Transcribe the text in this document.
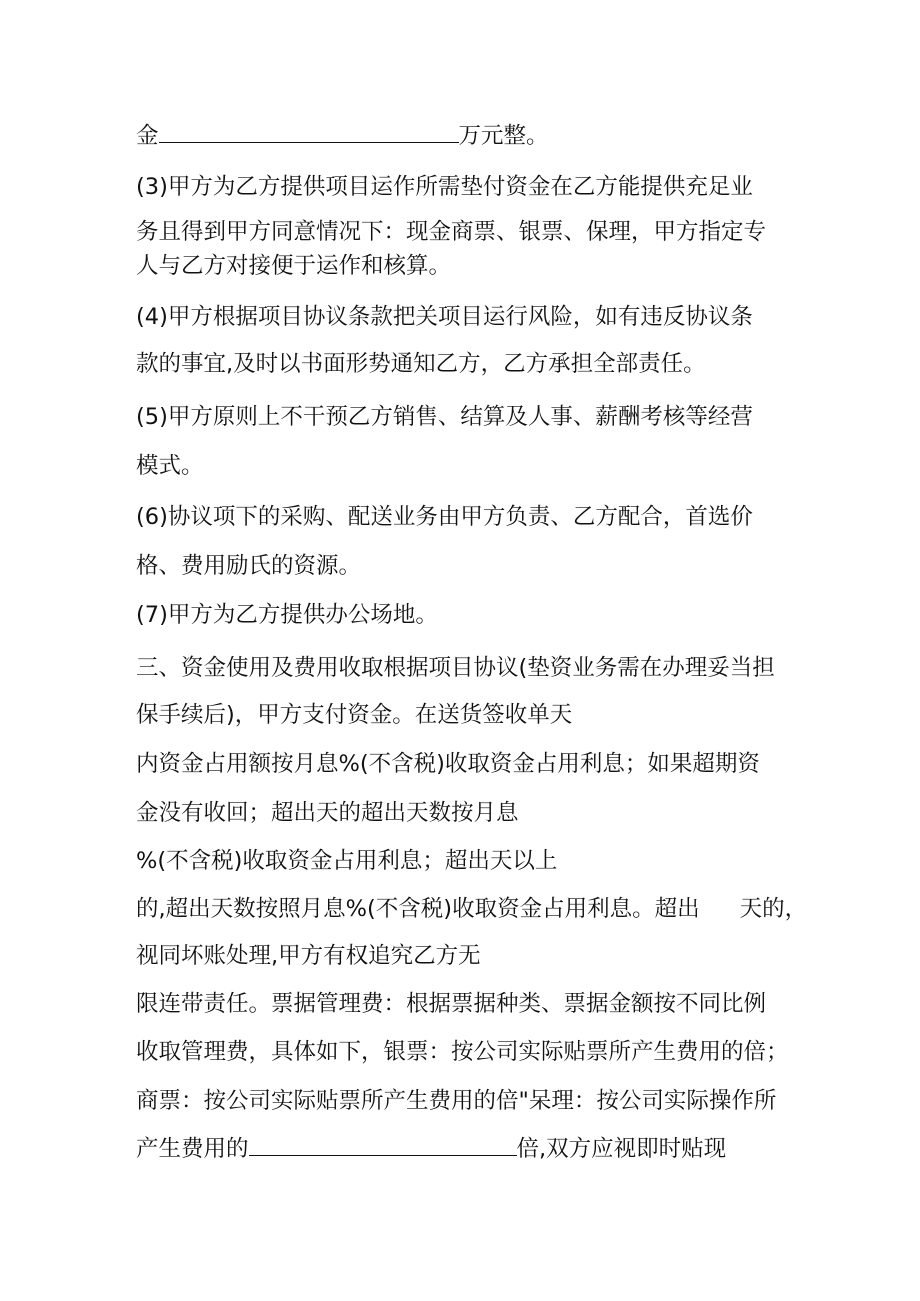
金	万元整。

(3)甲方为乙方提供项目运作所需垫付资金在乙方能提供充足业

务且得到甲方同意情况下：现金商票、银票、保理，甲方指定专

人与乙方对接便于运作和核算。

(4)甲方根据项目协议条款把关项目运行风险，如有违反协议条

款的事宜,及时以书面形势通知乙方，乙方承担全部责任。

(5)甲方原则上不干预乙方销售、结算及人事、薪酬考核等经营

模式。

(6)协议项下的采购、配送业务由甲方负责、乙方配合，首选价

格、费用励氏的资源。

(7)甲方为乙方提供办公场地。

三、资金使用及费用收取根据项目协议(垫资业务需在办理妥当担

保手续后)，甲方支付资金。在送货签收单天

内资金占用额按月息%(不含税)收取资金占用利息；如果超期资

金没有收回；超出天的超出天数按月息

%(不含税)收取资金占用利息；超出天以上

的,超出天数按照月息%(不含税)收取资金占用利息。超出 天的，

视同坏账处理,甲方有权追究乙方无

限连带责任。票据管理费：根据票据种类、票据金额按不同比例

收取管理费，具体如下，银票：按公司实际贴票所产生费用的倍；

商票：按公司实际贴票所产生费用的倍"呆理：按公司实际操作所

产生费用的	倍,双方应视即时贴现
